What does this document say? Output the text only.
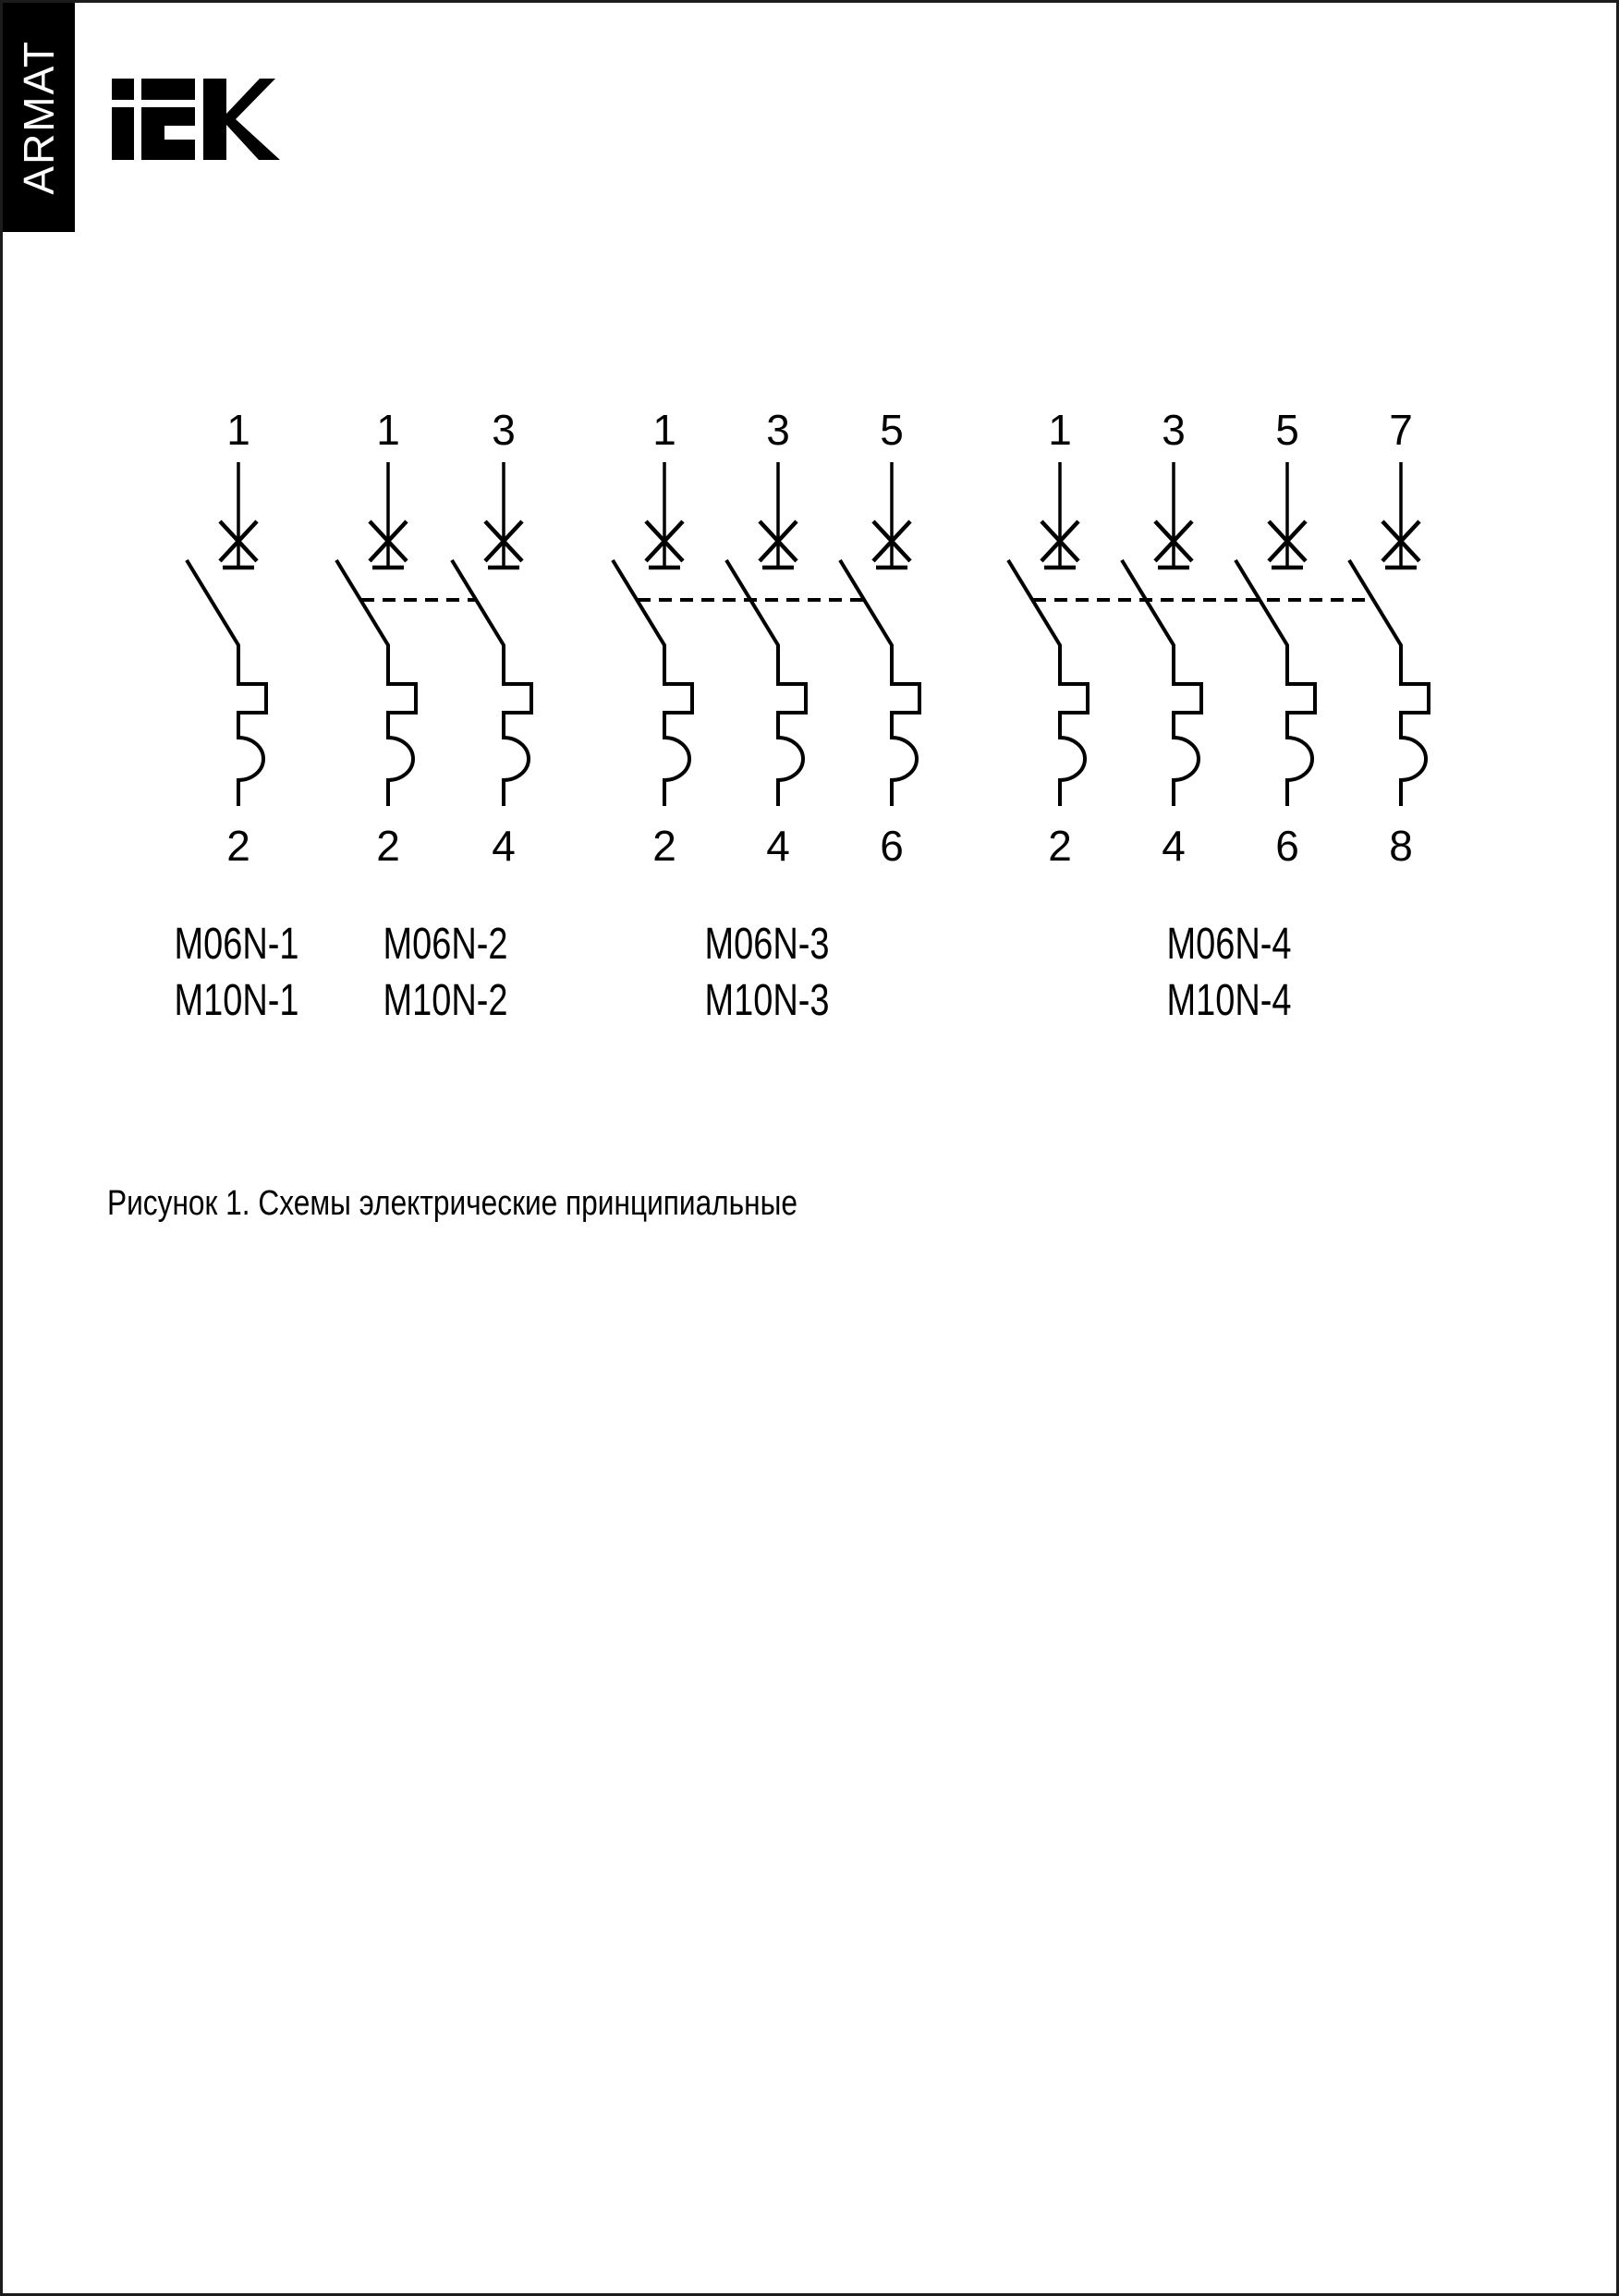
ARMAT
1
2
M06N-1
M10N-1
1 3
2 4
M06N-2
M10N-2
1 3 5
2 4 6
M06N-3
M10N-3
1 3 5 7
2 4 6 8
M06N-4
M10N-4
Рисунок 1. Схемы электрические принципиальные
